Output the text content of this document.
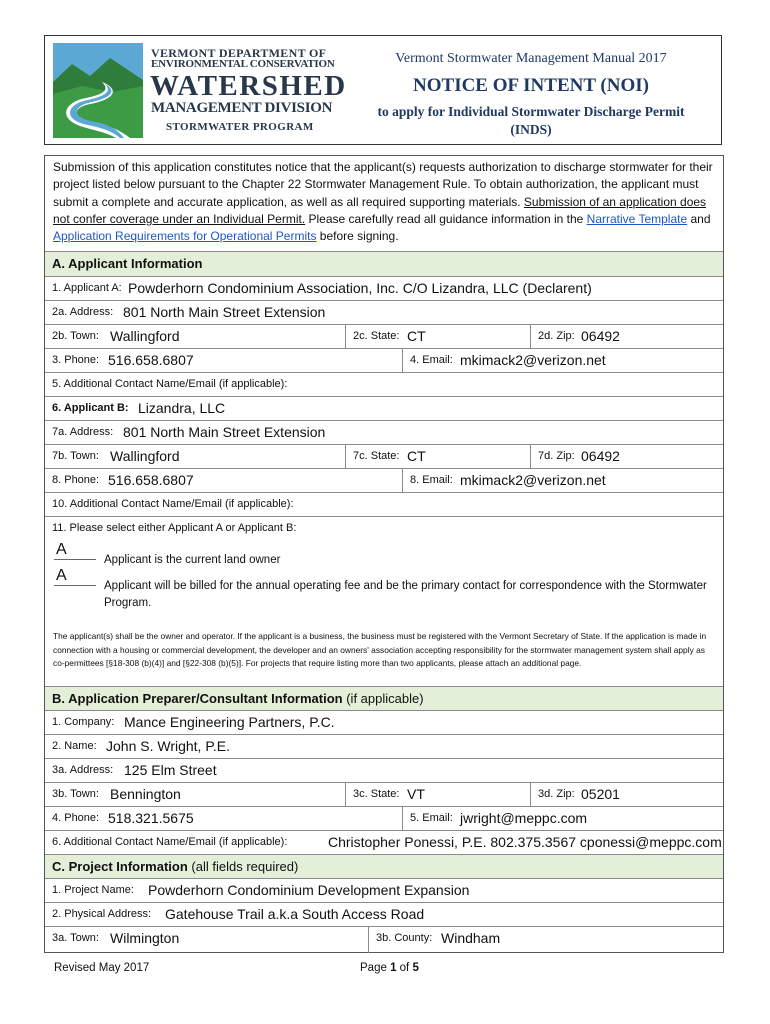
VERMONT DEPARTMENT OF
ENVIRONMENTAL CONSERVATION
WATERSHED
MANAGEMENT DIVISION
STORMWATER PROGRAM
Vermont Stormwater Management Manual 2017
NOTICE OF INTENT (NOI)
to apply for Individual Stormwater Discharge Permit
(INDS)
Submission of this application constitutes notice that the applicant(s) requests authorization to discharge stormwater for their project listed below pursuant to the Chapter 22 Stormwater Management Rule. To obtain authorization, the applicant must submit a complete and accurate application, as well as all required supporting materials. Submission of an application does not confer coverage under an Individual Permit. Please carefully read all guidance information in the Narrative Template and Application Requirements for Operational Permits before signing.
A. Applicant Information
1. Applicant A: Powderhorn Condominium Association, Inc. C/O Lizandra, LLC (Declarent)
2a. Address: 801 North Main Street Extension
2b. Town: Wallingford	2c. State: CT	2d. Zip: 06492
3. Phone: 516.658.6807	4. Email: mkimack2@verizon.net
5. Additional Contact Name/Email (if applicable):
6. Applicant B: Lizandra, LLC
7a. Address: 801 North Main Street Extension
7b. Town: Wallingford	7c. State: CT	7d. Zip: 06492
8. Phone: 516.658.6807	8. Email: mkimack2@verizon.net
10. Additional Contact Name/Email (if applicable):
11. Please select either Applicant A or Applicant B:
A
Applicant is the current land owner
A
Applicant will be billed for the annual operating fee and be the primary contact for correspondence with the Stormwater Program.
The applicant(s) shall be the owner and operator. If the applicant is a business, the business must be registered with the Vermont Secretary of State. If the application is made in connection with a housing or commercial development, the developer and an owners' association accepting responsibility for the stormwater management system shall apply as co-permittees [§18-308 (b)(4)] and [§22-308 (b)(5)]. For projects that require listing more than two applicants, please attach an additional page.
B. Application Preparer/Consultant Information (if applicable)
1. Company: Mance Engineering Partners, P.C.
2. Name: John S. Wright, P.E.
3a. Address: 125 Elm Street
3b. Town: Bennington	3c. State: VT	3d. Zip: 05201
4. Phone: 518.321.5675	5. Email: jwright@meppc.com
6. Additional Contact Name/Email (if applicable):	Christopher Ponessi, P.E. 802.375.3567 cponessi@meppc.com
C. Project Information (all fields required)
1. Project Name: Powderhorn Condominium Development Expansion
2. Physical Address: Gatehouse Trail a.k.a South Access Road
3a. Town: Wilmington	3b. County: Windham
Revised May 2017	Page 1 of 5
